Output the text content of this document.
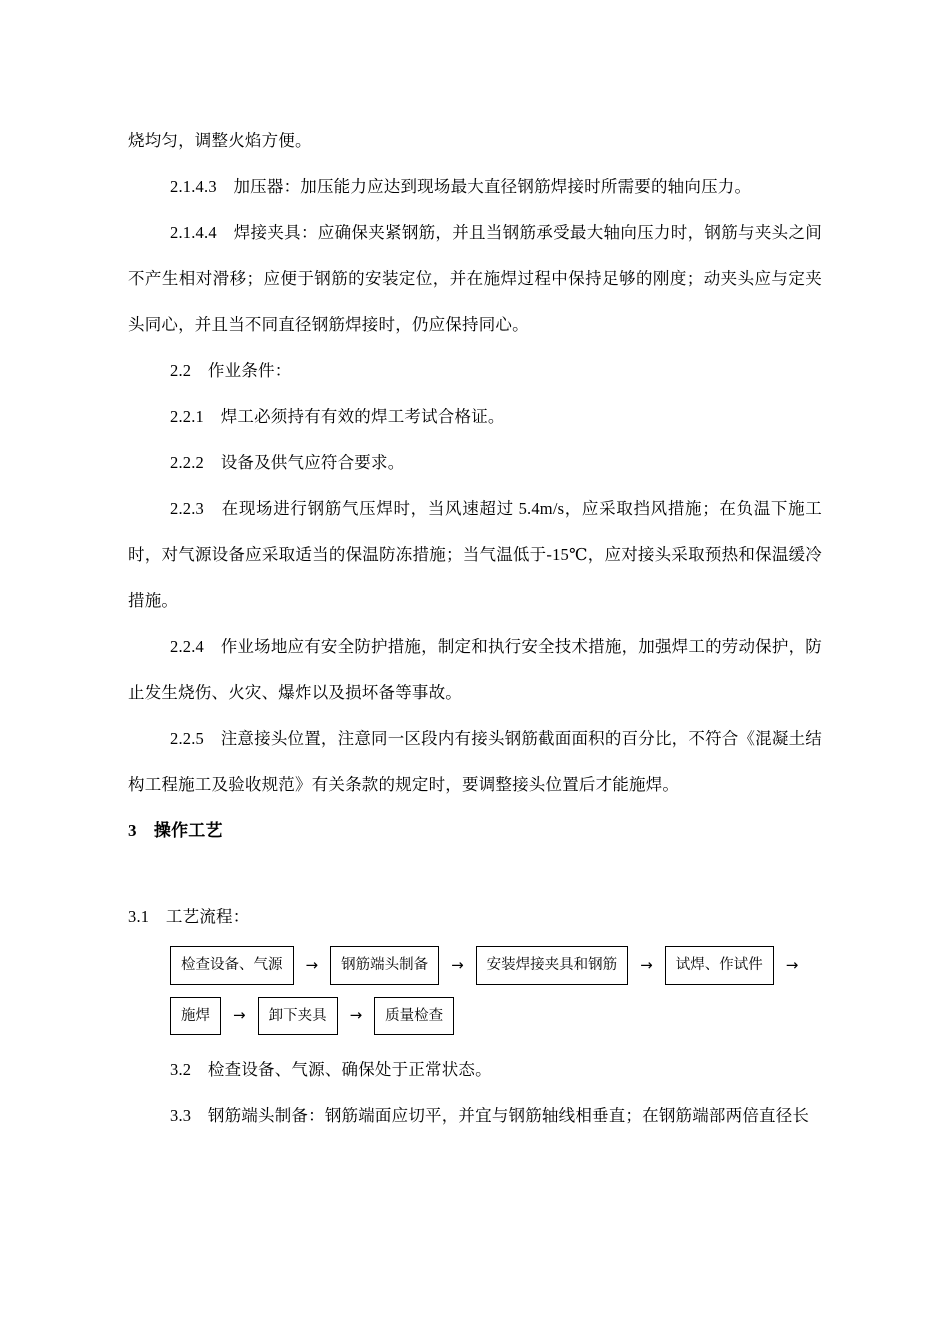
烧均匀，调整火焰方便。

2.1.4.3　加压器：加压能力应达到现场最大直径钢筋焊接时所需要的轴向压力。

2.1.4.4　焊接夹具：应确保夹紧钢筋，并且当钢筋承受最大轴向压力时，钢筋与夹头之间不产生相对滑移；应便于钢筋的安装定位，并在施焊过程中保持足够的刚度；动夹头应与定夹头同心，并且当不同直径钢筋焊接时，仍应保持同心。

2.2　作业条件：

2.2.1　焊工必须持有有效的焊工考试合格证。

2.2.2　设备及供气应符合要求。

2.2.3　在现场进行钢筋气压焊时，当风速超过 5.4m/s，应采取挡风措施；在负温下施工时，对气源设备应采取适当的保温防冻措施；当气温低于-15℃，应对接头采取预热和保温缓冷措施。

2.2.4　作业场地应有安全防护措施，制定和执行安全技术措施，加强焊工的劳动保护，防止发生烧伤、火灾、爆炸以及损坏备等事故。

2.2.5　注意接头位置，注意同一区段内有接头钢筋截面面积的百分比，不符合《混凝土结构工程施工及验收规范》有关条款的规定时，要调整接头位置后才能施焊。

3　操作工艺

3.1　工艺流程：

检查设备、气源	→	钢筋端头制备	→	安装焊接夹具和钢筋	→	试焊、作试件	→
施焊	→	卸下夹具	→	质量检查

3.2　检查设备、气源、确保处于正常状态。

3.3　钢筋端头制备：钢筋端面应切平，并宜与钢筋轴线相垂直；在钢筋端部两倍直径长
